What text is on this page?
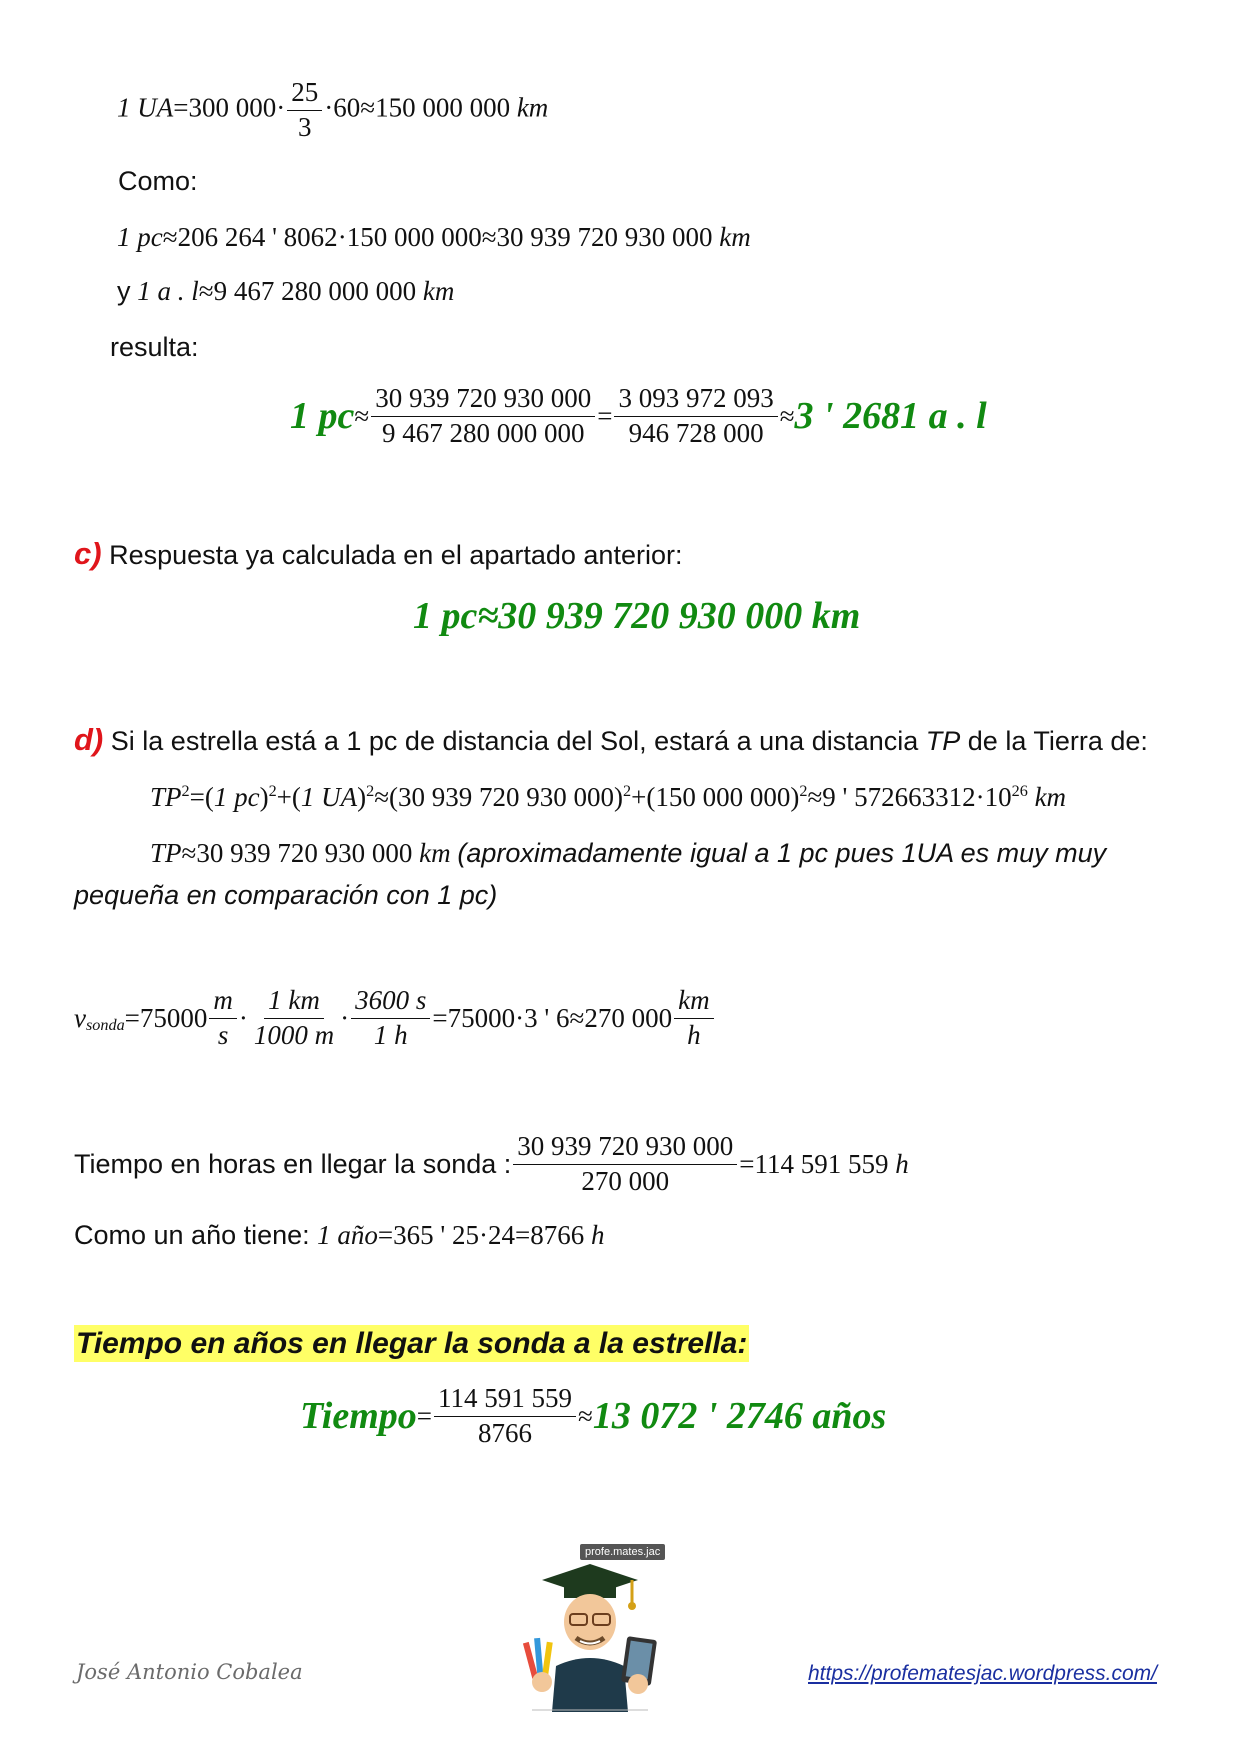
1 UA=300 $000\cdot \frac{25}{3} \cdot 60\approx 150$ 000 000 km
Como:
1 pc≈206 264 ' 8062·150 000 000≈30 939 720 930 000 km
y 1 a . l≈9 467 280 000 000 km
resulta:
1 pc ≈ $\frac{30 939 720 930 000}{9 467 280 000 000} = \frac{3 093 972 093}{946 728 000} \approx 3$ ' 2681 a . l
c) Respuesta ya calculada en el apartado anterior:
1 pc≈30 939 720 930 000 km
d) Si la estrella está a 1 pc de distancia del Sol, estará a una distancia TP de la Tierra de:
$TP^2=(1$ pc)$^2$+(1 UA)$^2$≈(30 939 720 930 000)$^2$+(150 000 000)$^2$≈9 ' $572663312\cdot 10^{26}$ km
TP≈30 939 720 930 000 km (aproximadamente igual a 1 pc pues 1UA es muy muy
pequeña en comparación con 1 pc)
$v_{sonda} = 75000 \frac{m}{s} \cdot \frac{1 km}{1000 m} \cdot \frac{3600 s}{1 h} = 75000\cdot 3$ ' 6 ≈ 270 $000 \frac{km}{h}$
Tiempo en horas en llegar la sonda : $\frac{30 939 720 930 000}{270 000} =114$ 591 559 h
Como un año tiene: 1 año=365 ' 25·24=8766 h
Tiempo en años en llegar la sonda a la estrella:
Tiempo = $\frac{114 591 559}{8766} \approx 13$ 072 ' 2746 años
José Antonio Cobalea
profe.mates.jac
https://profematesjac.wordpress.com/
